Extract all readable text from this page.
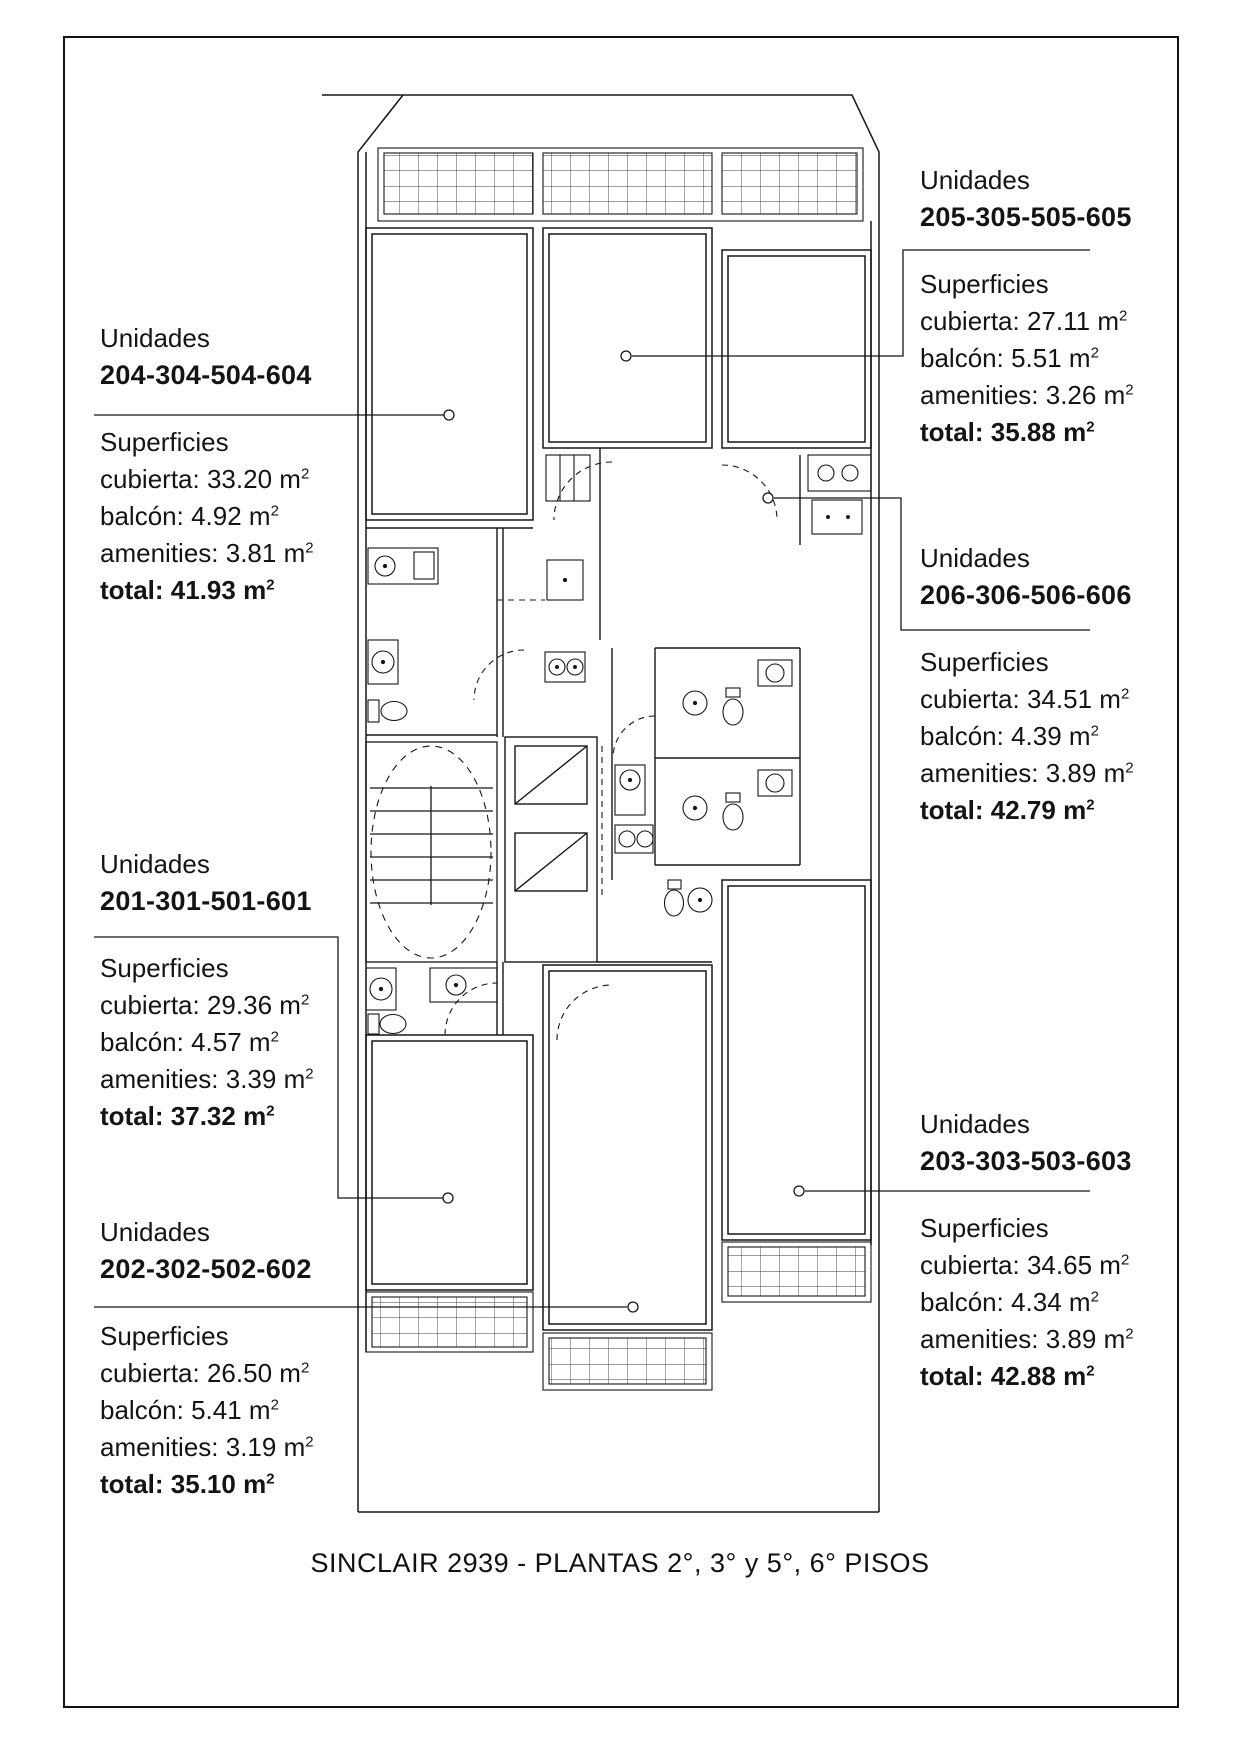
Unidades
204-304-504-604
Superficies
cubierta: 33.20 $m^2$
balcón: 4.92 $m^2$
amenities: 3.81 $m^2$
total: 41.93 $m^2$
Unidades
205-305-505-605
Superficies
cubierta: 27.11 $m^2$
balcón: 5.51 $m^2$
amenities: 3.26 $m^2$
total: 35.88 $m^2$
Unidades
206-306-506-606
Superficies
cubierta: 34.51 $m^2$
balcón: 4.39 $m^2$
amenities: 3.89 $m^2$
total: 42.79 $m^2$
Unidades
201-301-501-601
Superficies
cubierta: 29.36 $m^2$
balcón: 4.57 $m^2$
amenities: 3.39 $m^2$
total: 37.32 $m^2$
Unidades
202-302-502-602
Superficies
cubierta: 26.50 $m^2$
balcón: 5.41 $m^2$
amenities: 3.19 $m^2$
total: 35.10 $m^2$
Unidades
203-303-503-603
Superficies
cubierta: 34.65 $m^2$
balcón: 4.34 $m^2$
amenities: 3.89 $m^2$
total: 42.88 $m^2$
SINCLAIR 2939 - PLANTAS 2°, 3° y 5°, 6° PISOS
